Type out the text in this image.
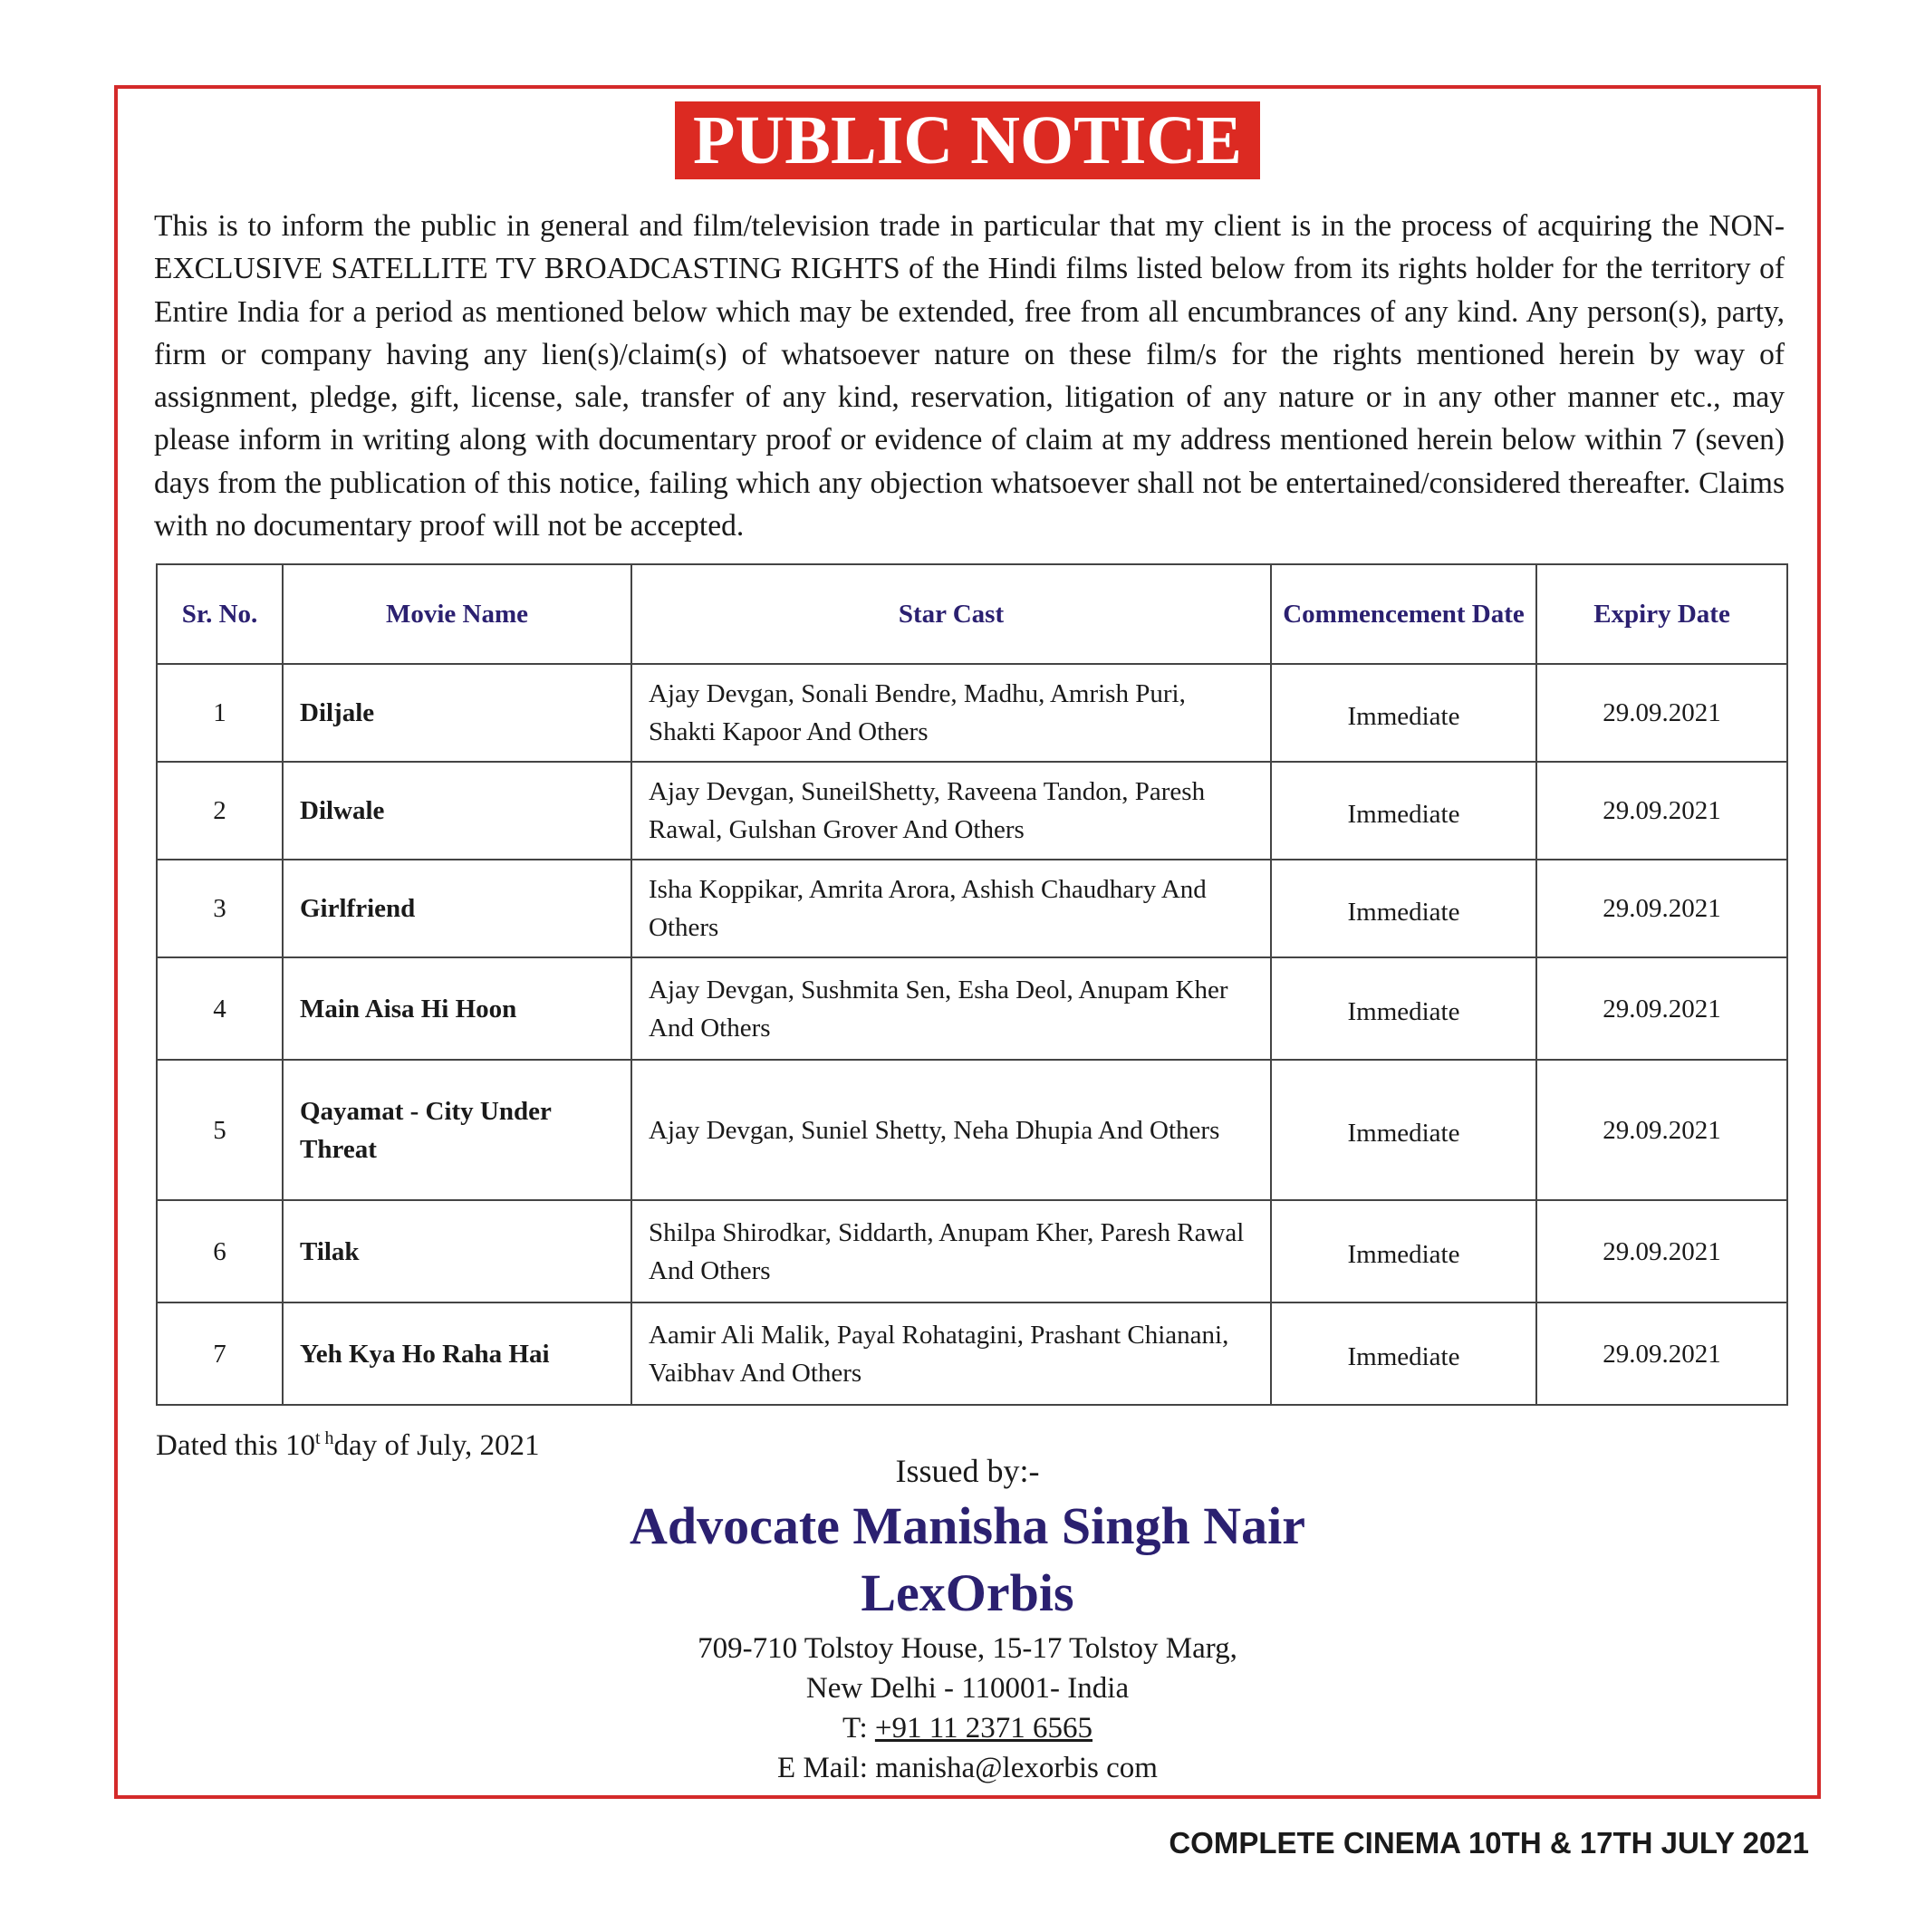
PUBLIC NOTICE

This is to inform the public in general and film/television trade in particular that my client is in the process of acquiring the NON-EXCLUSIVE SATELLITE TV BROADCASTING RIGHTS of the Hindi films listed below from its rights holder for the territory of Entire India for a period as mentioned below which may be extended, free from all encumbrances of any kind. Any person(s), party, firm or company having any lien(s)/claim(s) of whatsoever nature on these film/s for the rights mentioned herein by way of assignment, pledge, gift, license, sale, transfer of any kind, reservation, litigation of any nature or in any other manner etc., may please inform in writing along with documentary proof or evidence of claim at my address mentioned herein below within 7 (seven) days from the publication of this notice, failing which any objection whatsoever shall not be entertained/considered thereafter. Claims with no documentary proof will not be accepted.

Sr. No.	Movie Name	Star Cast	Commencement Date	Expiry Date
1	Diljale	Ajay Devgan, Sonali Bendre, Madhu, Amrish Puri, Shakti Kapoor And Others	Immediate	29.09.2021
2	Dilwale	Ajay Devgan, SuneilShetty, Raveena Tandon, Paresh Rawal, Gulshan Grover And Others	Immediate	29.09.2021
3	Girlfriend	Isha Koppikar, Amrita Arora, Ashish Chaudhary And Others	Immediate	29.09.2021
4	Main Aisa Hi Hoon	Ajay Devgan, Sushmita Sen, Esha Deol, Anupam Kher And Others	Immediate	29.09.2021
5	Qayamat - City Under Threat	Ajay Devgan, Suniel Shetty, Neha Dhupia And Others	Immediate	29.09.2021
6	Tilak	Shilpa Shirodkar, Siddarth, Anupam Kher, Paresh Rawal And Others	Immediate	29.09.2021
7	Yeh Kya Ho Raha Hai	Aamir Ali Malik, Payal Rohatagini, Prashant Chianani, Vaibhav And Others	Immediate	29.09.2021
Dated this $10^{t h}day$ of July, 2021
Issued by:-
Advocate Manisha Singh Nair
LexOrbis
709-710 Tolstoy House, 15-17 Tolstoy Marg,
New Delhi - 110001- India
T: +91 11 2371 6565
E Mail: manisha@lexorbis com
COMPLETE CINEMA 10TH & 17TH JULY 2021
